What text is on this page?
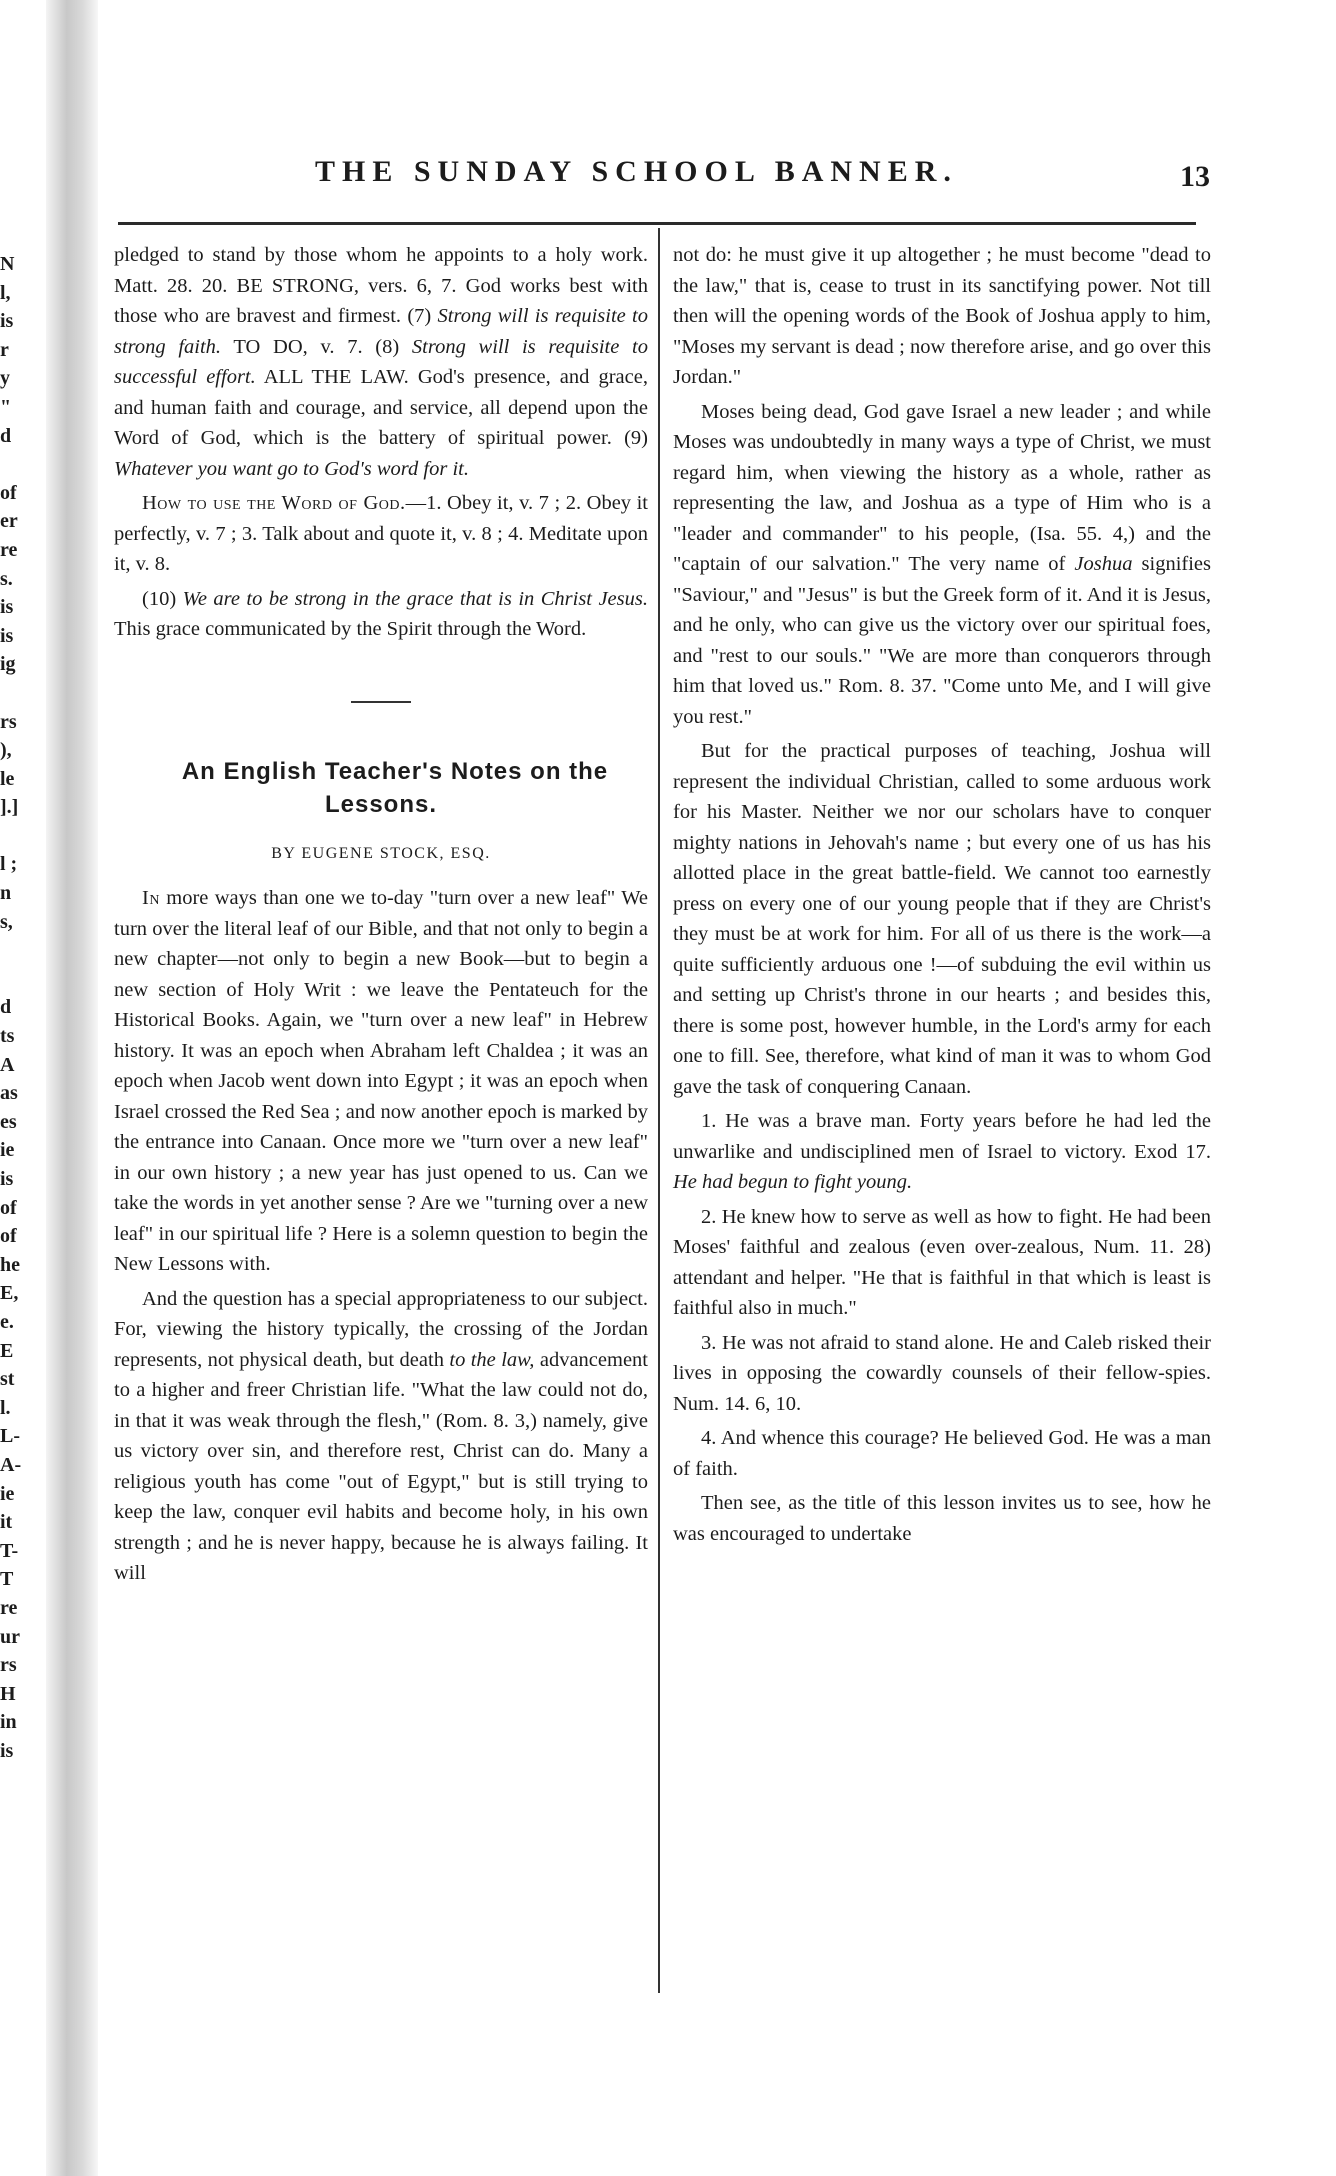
N
l,
is
r
y
"
d

of
er
re
s.
is
is
ig

rs
),
le
].]

l ;
n
s,

d
ts
A
as
es
ie
is
of
of
he
E,
e.
E
st
l.
L-
A-
ie
it
T-
T
re
ur
rs
H
in
is
THE SUNDAY SCHOOL BANNER.	13

pledged to stand by those whom he appoints to a holy work. Matt. 28. 20. BE STRONG, vers. 6, 7. God works best with those who are bravest and firmest. (7) Strong will is requisite to strong faith. TO DO, v. 7. (8) Strong will is requisite to successful effort. ALL THE LAW. God's presence, and grace, and human faith and courage, and service, all depend upon the Word of God, which is the battery of spiritual power. (9) Whatever you want go to God's word for it.

How to use the Word of God.—1. Obey it, v. 7 ; 2. Obey it perfectly, v. 7 ; 3. Talk about and quote it, v. 8 ; 4. Meditate upon it, v. 8.

(10) We are to be strong in the grace that is in Christ Jesus. This grace communicated by the Spirit through the Word.

An English Teacher's Notes on the Lessons.

BY EUGENE STOCK, ESQ.

In more ways than one we to-day "turn over a new leaf" We turn over the literal leaf of our Bible, and that not only to begin a new chapter—not only to begin a new Book—but to begin a new section of Holy Writ : we leave the Pentateuch for the Historical Books. Again, we "turn over a new leaf" in Hebrew history. It was an epoch when Abraham left Chaldea ; it was an epoch when Jacob went down into Egypt ; it was an epoch when Israel crossed the Red Sea ; and now another epoch is marked by the entrance into Canaan. Once more we "turn over a new leaf" in our own history ; a new year has just opened to us. Can we take the words in yet another sense ? Are we "turning over a new leaf" in our spiritual life ? Here is a solemn question to begin the New Lessons with.

And the question has a special appropriateness to our subject. For, viewing the history typically, the crossing of the Jordan represents, not physical death, but death to the law, advancement to a higher and freer Christian life. "What the law could not do, in that it was weak through the flesh," (Rom. 8. 3,) namely, give us victory over sin, and therefore rest, Christ can do. Many a religious youth has come "out of Egypt," but is still trying to keep the law, conquer evil habits and become holy, in his own strength ; and he is never happy, because he is always failing. It will

not do: he must give it up altogether ; he must become "dead to the law," that is, cease to trust in its sanctifying power. Not till then will the opening words of the Book of Joshua apply to him, "Moses my servant is dead ; now therefore arise, and go over this Jordan."

Moses being dead, God gave Israel a new leader ; and while Moses was undoubtedly in many ways a type of Christ, we must regard him, when viewing the history as a whole, rather as representing the law, and Joshua as a type of Him who is a "leader and commander" to his people, (Isa. 55. 4,) and the "captain of our salvation." The very name of Joshua signifies "Saviour," and "Jesus" is but the Greek form of it. And it is Jesus, and he only, who can give us the victory over our spiritual foes, and "rest to our souls." "We are more than conquerors through him that loved us." Rom. 8. 37. "Come unto Me, and I will give you rest."

But for the practical purposes of teaching, Joshua will represent the individual Christian, called to some arduous work for his Master. Neither we nor our scholars have to conquer mighty nations in Jehovah's name ; but every one of us has his allotted place in the great battle-field. We cannot too earnestly press on every one of our young people that if they are Christ's they must be at work for him. For all of us there is the work—a quite sufficiently arduous one !—of subduing the evil within us and setting up Christ's throne in our hearts ; and besides this, there is some post, however humble, in the Lord's army for each one to fill. See, therefore, what kind of man it was to whom God gave the task of conquering Canaan.

1. He was a brave man. Forty years before he had led the unwarlike and undisciplined men of Israel to victory. Exod 17. He had begun to fight young.

2. He knew how to serve as well as how to fight. He had been Moses' faithful and zealous (even over-zealous, Num. 11. 28) attendant and helper. "He that is faithful in that which is least is faithful also in much."

3. He was not afraid to stand alone. He and Caleb risked their lives in opposing the cowardly counsels of their fellow-spies. Num. 14. 6, 10.

4. And whence this courage? He believed God. He was a man of faith.

Then see, as the title of this lesson invites us to see, how he was encouraged to undertake
